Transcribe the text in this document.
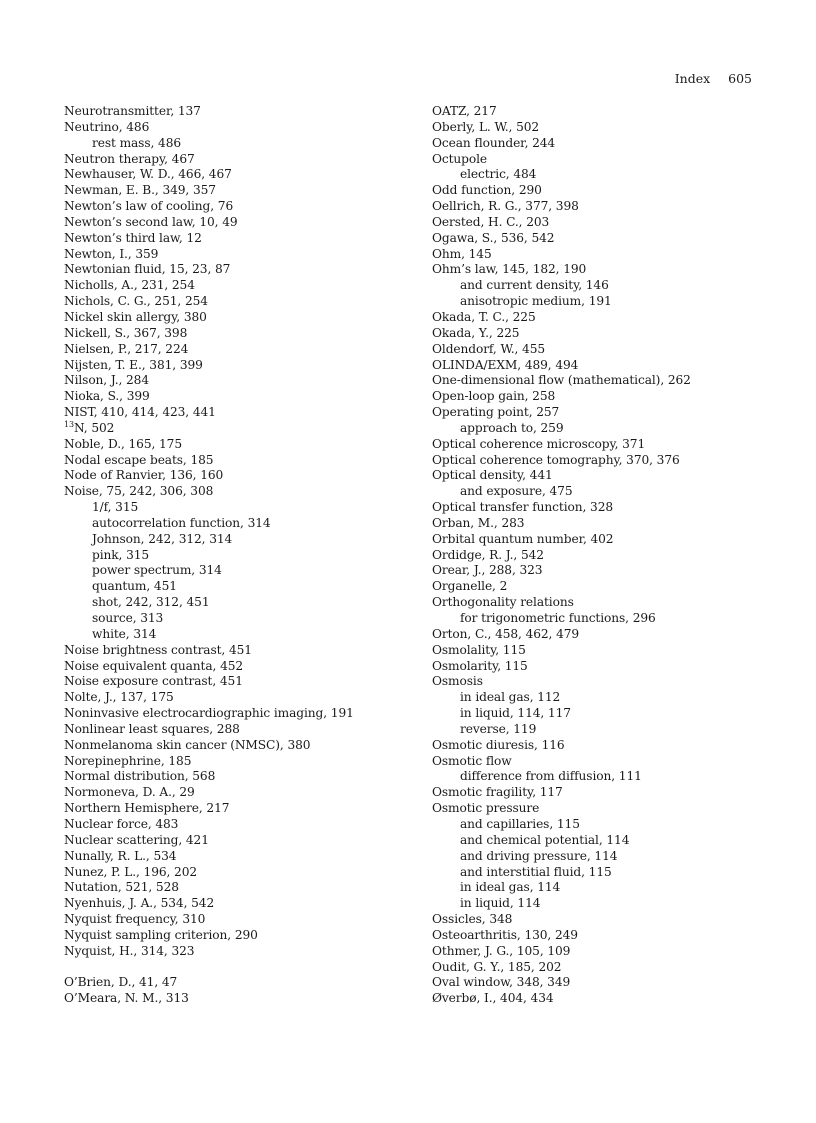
Index 605
Neurotransmitter, 137
Neutrino, 486
rest mass, 486
Neutron therapy, 467
Newhauser, W. D., 466, 467
Newman, E. B., 349, 357
Newton’s law of cooling, 76
Newton’s second law, 10, 49
Newton’s third law, 12
Newton, I., 359
Newtonian fluid, 15, 23, 87
Nicholls, A., 231, 254
Nichols, C. G., 251, 254
Nickel skin allergy, 380
Nickell, S., 367, 398
Nielsen, P., 217, 224
Nijsten, T. E., 381, 399
Nilson, J., 284
Nioka, S., 399
NIST, 410, 414, 423, 441
$^{13}$N, 502
Noble, D., 165, 175
Nodal escape beats, 185
Node of Ranvier, 136, 160
Noise, 75, 242, 306, 308
1/f, 315
autocorrelation function, 314
Johnson, 242, 312, 314
pink, 315
power spectrum, 314
quantum, 451
shot, 242, 312, 451
source, 313
white, 314
Noise brightness contrast, 451
Noise equivalent quanta, 452
Noise exposure contrast, 451
Nolte, J., 137, 175
Noninvasive electrocardiographic imaging, 191
Nonlinear least squares, 288
Nonmelanoma skin cancer (NMSC), 380
Norepinephrine, 185
Normal distribution, 568
Normoneva, D. A., 29
Northern Hemisphere, 217
Nuclear force, 483
Nuclear scattering, 421
Nunally, R. L., 534
Nunez, P. L., 196, 202
Nutation, 521, 528
Nyenhuis, J. A., 534, 542
Nyquist frequency, 310
Nyquist sampling criterion, 290
Nyquist, H., 314, 323
O’Brien, D., 41, 47
O’Meara, N. M., 313
OATZ, 217
Oberly, L. W., 502
Ocean flounder, 244
Octupole
electric, 484
Odd function, 290
Oellrich, R. G., 377, 398
Oersted, H. C., 203
Ogawa, S., 536, 542
Ohm, 145
Ohm’s law, 145, 182, 190
and current density, 146
anisotropic medium, 191
Okada, T. C., 225
Okada, Y., 225
Oldendorf, W., 455
OLINDA/EXM, 489, 494
One-dimensional flow (mathematical), 262
Open-loop gain, 258
Operating point, 257
approach to, 259
Optical coherence microscopy, 371
Optical coherence tomography, 370, 376
Optical density, 441
and exposure, 475
Optical transfer function, 328
Orban, M., 283
Orbital quantum number, 402
Ordidge, R. J., 542
Orear, J., 288, 323
Organelle, 2
Orthogonality relations
for trigonometric functions, 296
Orton, C., 458, 462, 479
Osmolality, 115
Osmolarity, 115
Osmosis
in ideal gas, 112
in liquid, 114, 117
reverse, 119
Osmotic diuresis, 116
Osmotic flow
difference from diffusion, 111
Osmotic fragility, 117
Osmotic pressure
and capillaries, 115
and chemical potential, 114
and driving pressure, 114
and interstitial fluid, 115
in ideal gas, 114
in liquid, 114
Ossicles, 348
Osteoarthritis, 130, 249
Othmer, J. G., 105, 109
Oudit, G. Y., 185, 202
Oval window, 348, 349
Øverbø, I., 404, 434
